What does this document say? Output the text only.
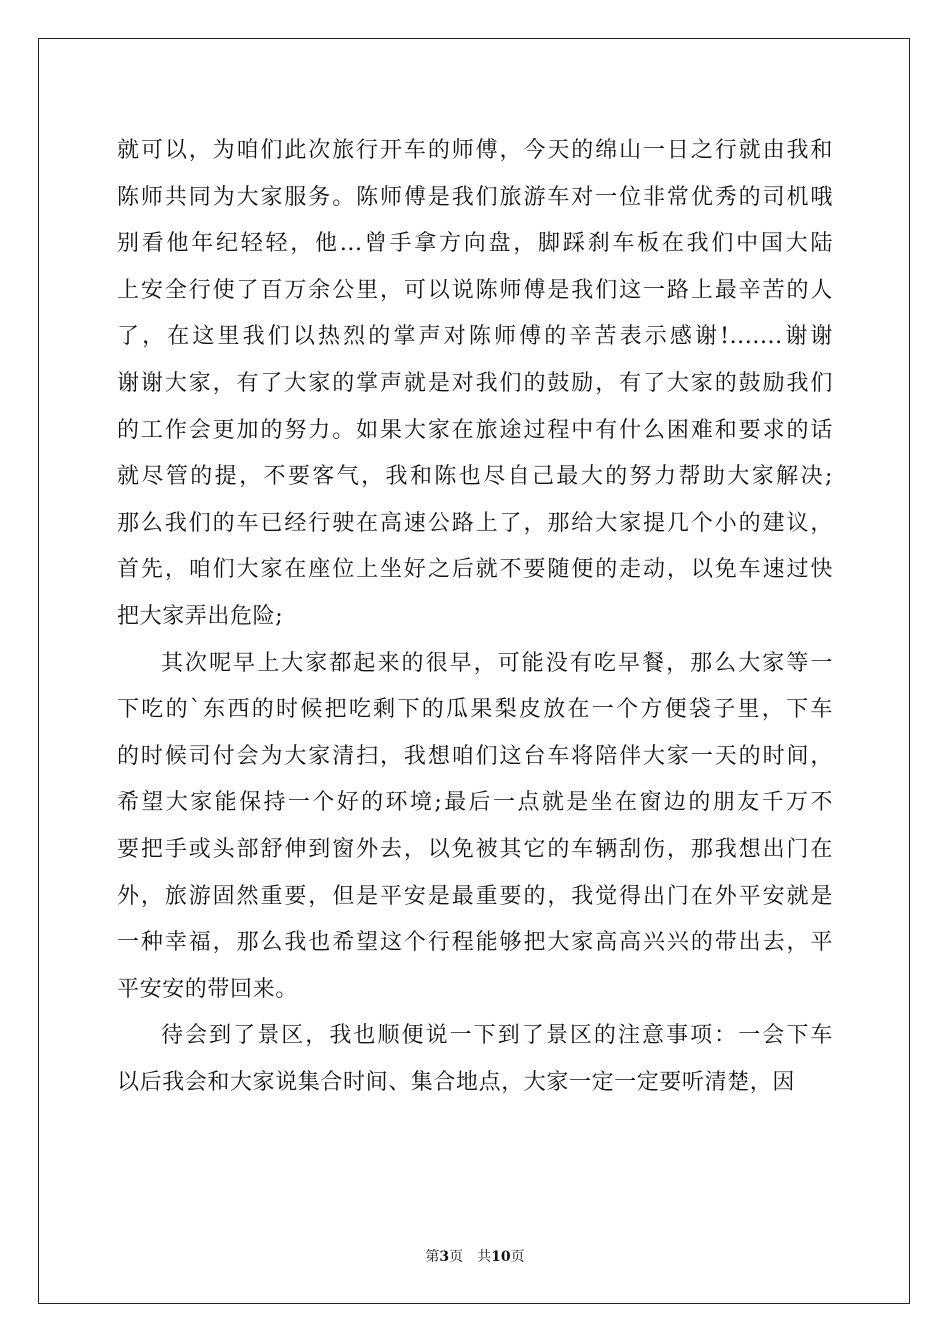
就可以，为咱们此次旅行开车的师傅，今天的绵山一日之行就由我和
陈师共同为大家服务。陈师傅是我们旅游车对一位非常优秀的司机哦
别看他年纪轻轻，他...曾手拿方向盘，脚踩刹车板在我们中国大陆
上安全行使了百万余公里，可以说陈师傅是我们这一路上最辛苦的人
了，在这里我们以热烈的掌声对陈师傅的辛苦表示感谢!.......谢谢
谢谢大家，有了大家的掌声就是对我们的鼓励，有了大家的鼓励我们
的工作会更加的努力。如果大家在旅途过程中有什么困难和要求的话
就尽管的提，不要客气，我和陈也尽自己最大的努力帮助大家解决;
那么我们的车已经行驶在高速公路上了，那给大家提几个小的建议，
首先，咱们大家在座位上坐好之后就不要随便的走动，以免车速过快
把大家弄出危险;
其次呢早上大家都起来的很早，可能没有吃早餐，那么大家等一
下吃的`东西的时候把吃剩下的瓜果梨皮放在一个方便袋子里，下车
的时候司付会为大家清扫，我想咱们这台车将陪伴大家一天的时间，
希望大家能保持一个好的环境;最后一点就是坐在窗边的朋友千万不
要把手或头部舒伸到窗外去，以免被其它的车辆刮伤，那我想出门在
外，旅游固然重要，但是平安是最重要的，我觉得出门在外平安就是
一种幸福，那么我也希望这个行程能够把大家高高兴兴的带出去，平
平安安的带回来。
待会到了景区，我也顺便说一下到了景区的注意事项：一会下车
以后我会和大家说集合时间、集合地点，大家一定一定要听清楚，因
第3页 共10页
